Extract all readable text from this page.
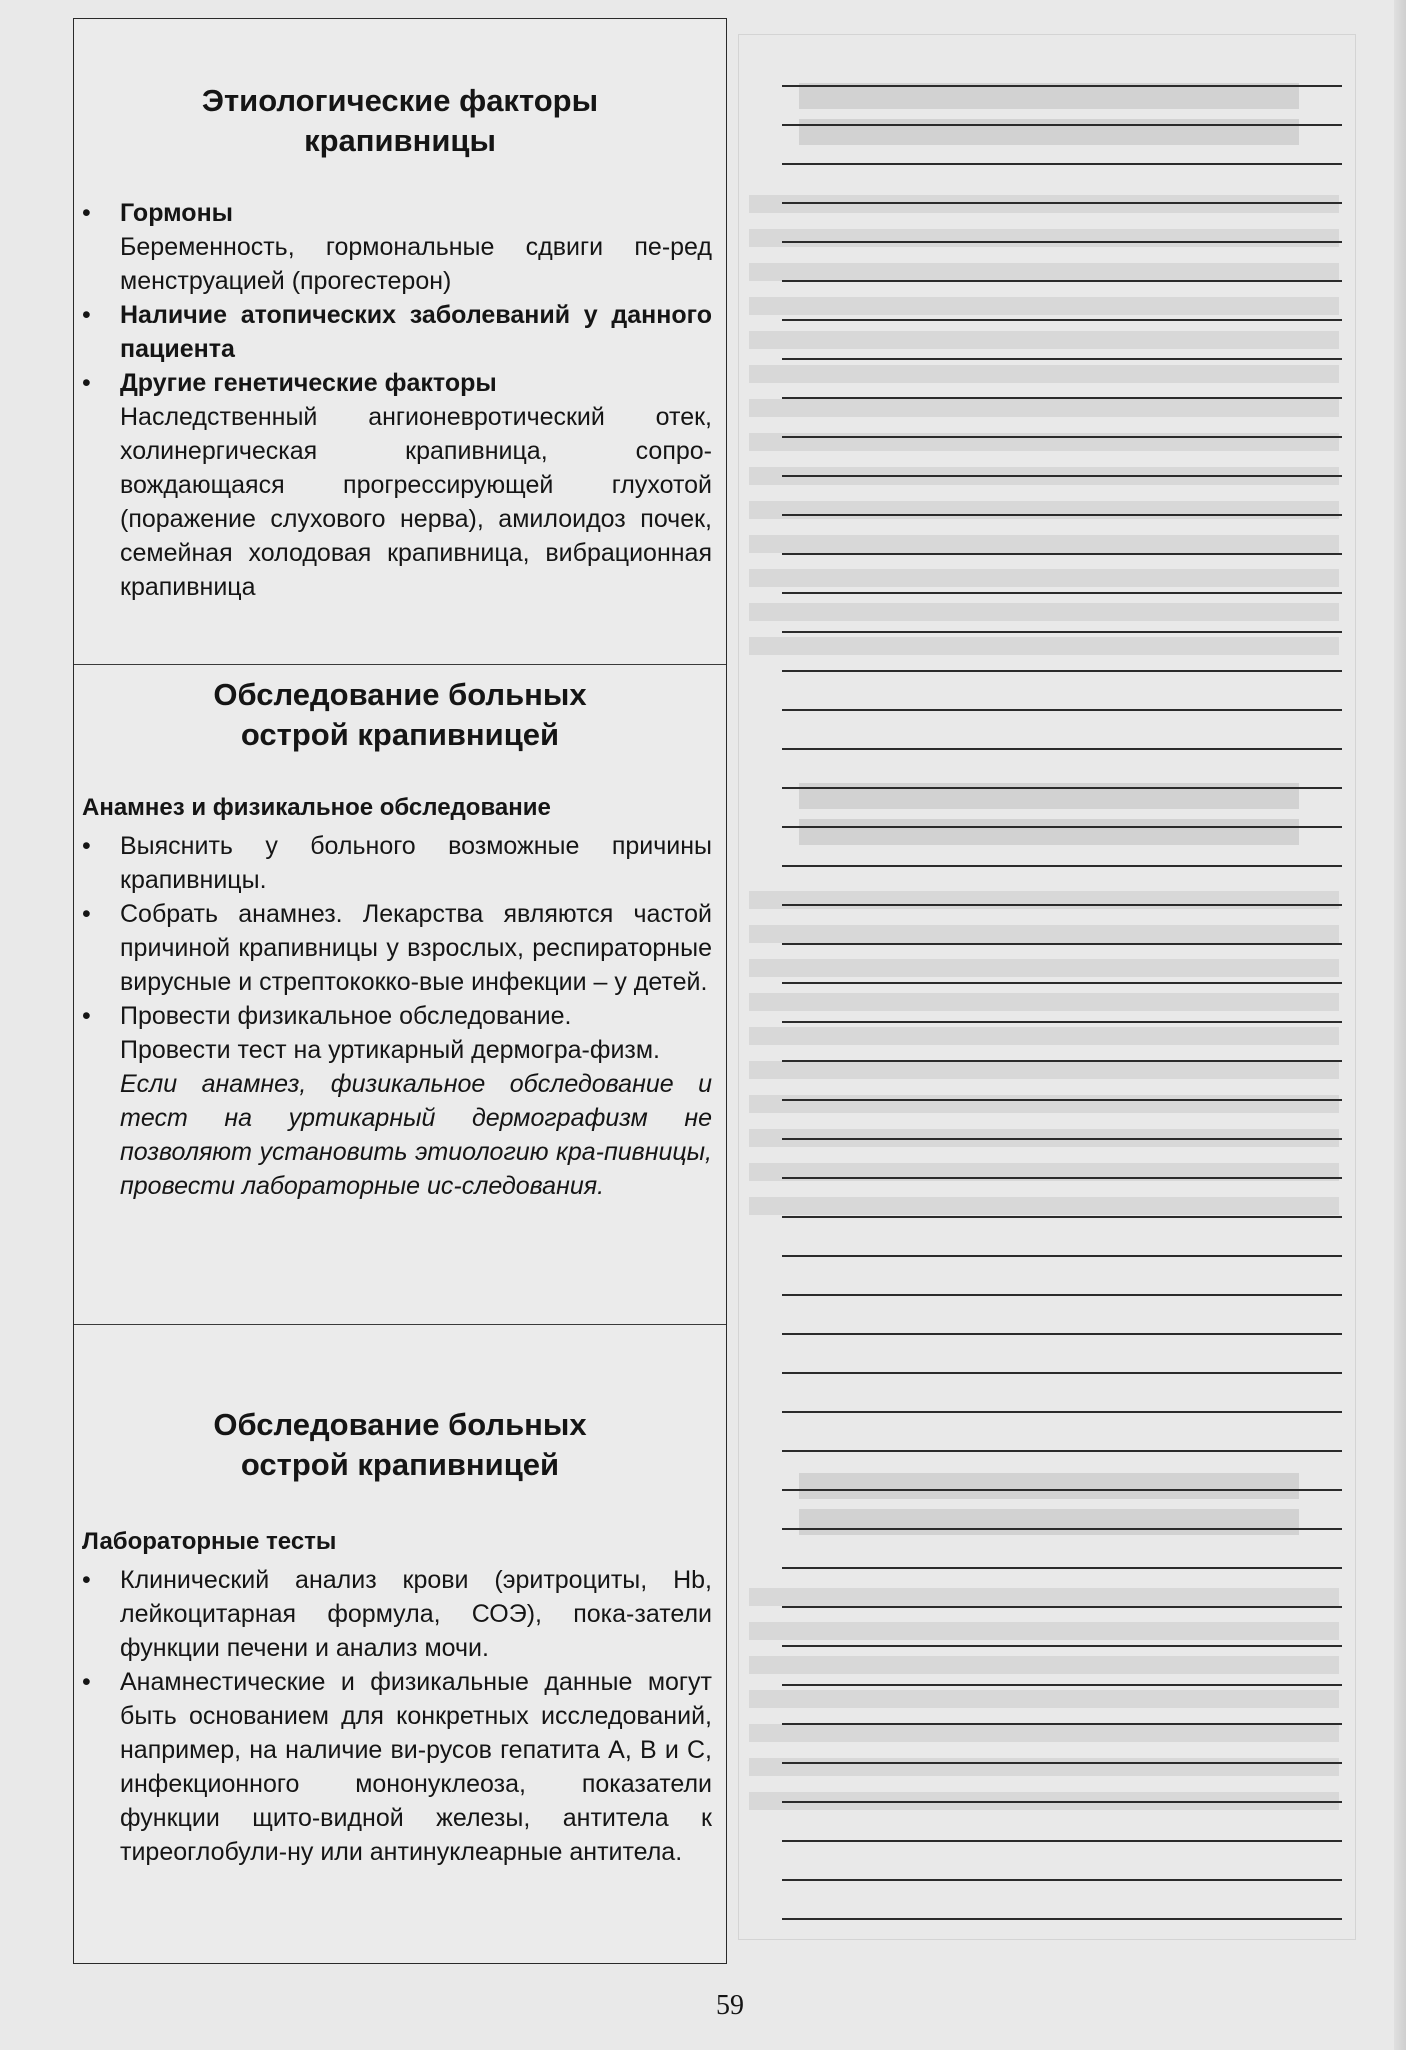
Этиологические факторы
крапивницы
• Гормоны
Беременность, гормональные сдвиги пе-ред менструацией (прогестерон)
• Наличие атопических заболеваний у данного пациента
• Другие генетические факторы
Наследственный ангионевротический отек, холинергическая крапивница, сопро-вождающаяся прогрессирующей глухотой (поражение слухового нерва), амилоидоз почек, семейная холодовая крапивница, вибрационная крапивница
Обследование больных
острой крапивницей
Анамнез и физикальное обследование
• Выяснить у больного возможные причины крапивницы.
• Собрать анамнез. Лекарства являются частой причиной крапивницы у взрослых, респираторные вирусные и стрептококко-вые инфекции – у детей.
• Провести физикальное обследование.
Провести тест на уртикарный дермогра-физм.
Если анамнез, физикальное обследование и тест на уртикарный дермографизм не позволяют установить этиологию кра-пивницы, провести лабораторные ис-следования.
Обследование больных
острой крапивницей
Лабораторные тесты
• Клинический анализ крови (эритроциты, Hb, лейкоцитарная формула, СОЭ), пока-затели функции печени и анализ мочи.
• Анамнестические и физикальные данные могут быть основанием для конкретных исследований, например, на наличие ви-русов гепатита А, В и С, инфекционного мононуклеоза, показатели функции щито-видной железы, антитела к тиреоглобули-ну или антинуклеарные антитела.
59
